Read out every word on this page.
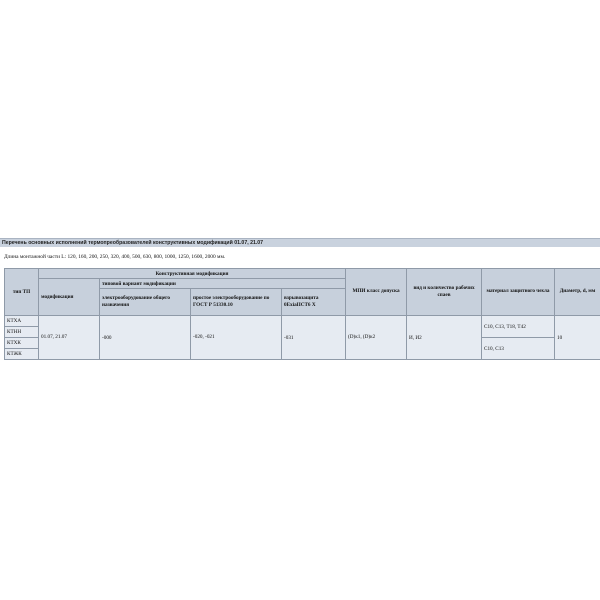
Перечень основных исполнений термопреобразователей конструктивных модификаций 01.07, 21.07
Длина монтажной части L: 120, 160, 200, 250, 320, 400, 500, 630, 800, 1000, 1250, 1600, 2000 мм.
тип ТП	Конструктивная модификация				МПИ класс допуска	вид и количество рабочих спаев	материал защитного чехла	Диаметр, d, мм
	модификация	типовой вариант модификации						
		электрооборудование общего назначения	простое электрооборудование по ГОСТ Р 51330.10	взрывозащита 0ExiaIICT6 X				
КТХА	01.07, 21.07	-000	-020, -021	-031	(D)к1, (D)к2	И, И2	С10, С13, Т18, Т42	10
КТНН								
КТХК							С10, С13	
КТЖК								
